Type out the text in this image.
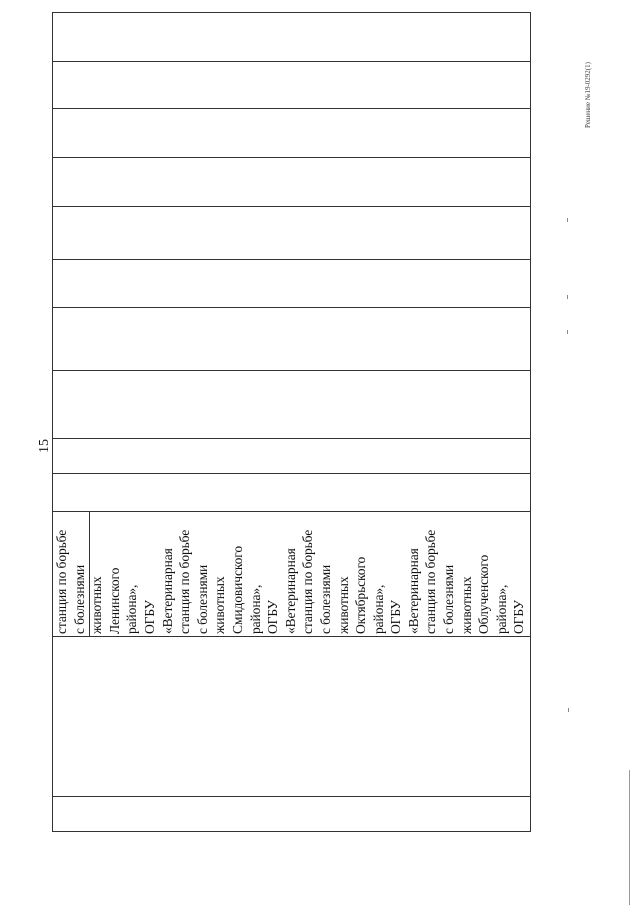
15
станция по борьбе с болезнями животных Ленинского района», ОГБУ «Ветеринарная станция по борьбе с болезнями животных Смидовичского района», ОГБУ «Ветеринарная станция по борьбе с болезнями животных Октябрьского района», ОГБУ «Ветеринарная станция по борьбе с болезнями животных Облученского района», ОГБУ
Решение №19-0292(1)
